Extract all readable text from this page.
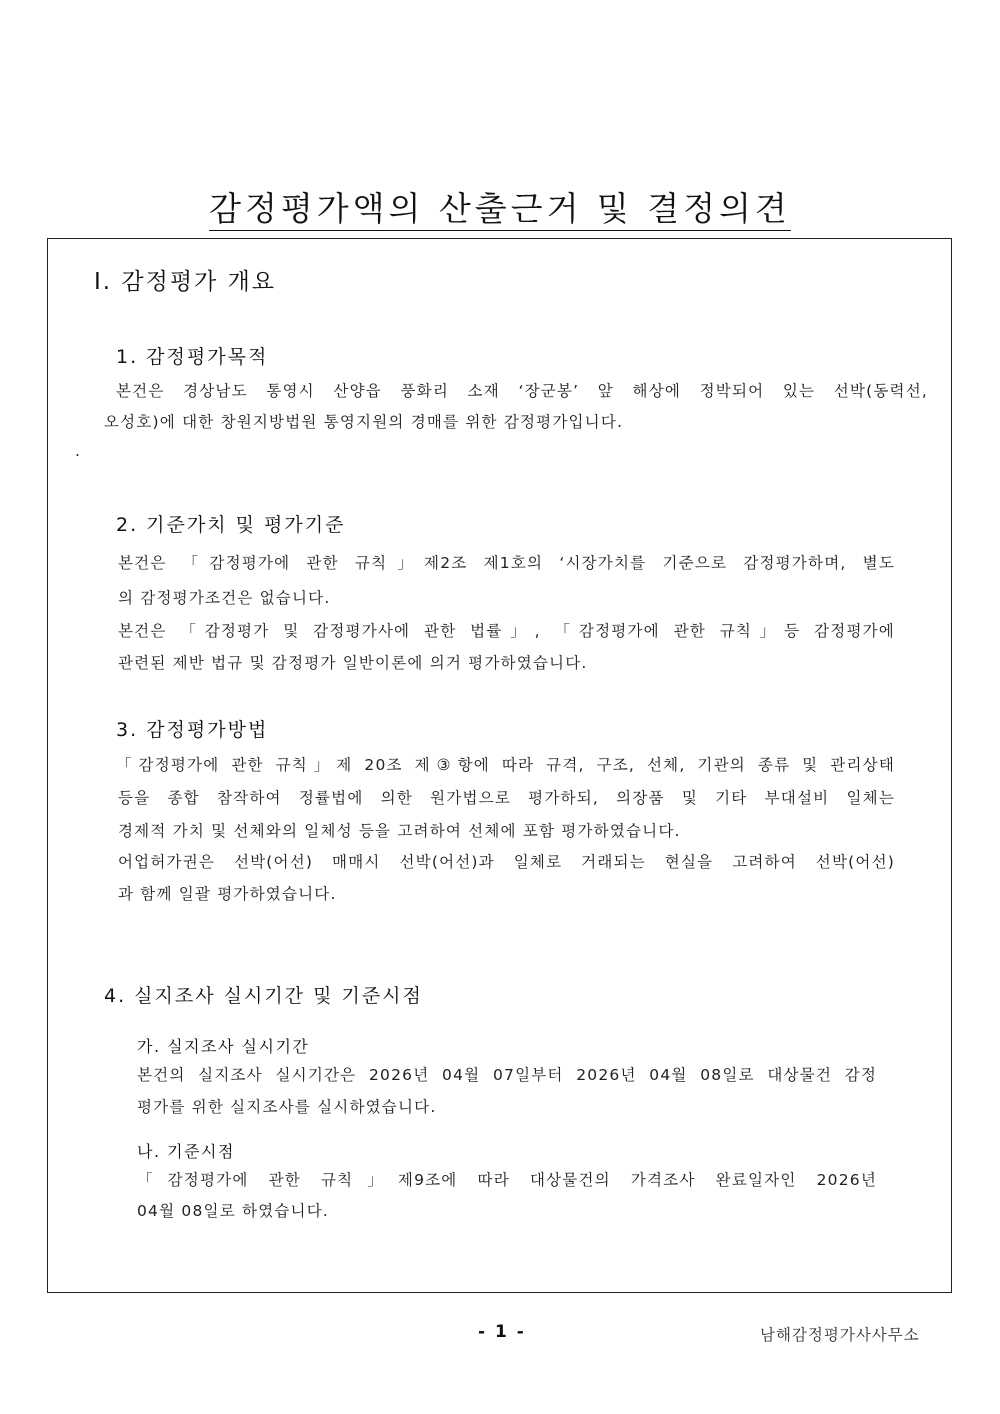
감정평가액의 산출근거 및 결정의견
Ⅰ. 감정평가 개요
1. 감정평가목적
본건은 경상남도 통영시 산양읍 풍화리 소재 ‘장군봉’ 앞 해상에 정박되어 있는 선박(동력선,
오성호)에 대한 창원지방법원 통영지원의 경매를 위한 감정평가입니다.
.
2. 기준가치 및 평가기준
본건은 「감정평가에 관한 규칙」제2조 제1호의 ‘시장가치를 기준으로 감정평가하며, 별도
의 감정평가조건은 없습니다.
본건은 「감정평가 및 감정평가사에 관한 법률」, 「감정평가에 관한 규칙」등 감정평가에
관련된 제반 법규 및 감정평가 일반이론에 의거 평가하였습니다.
3. 감정평가방법
「감정평가에 관한 규칙」제 20조 제③항에 따라 규격, 구조, 선체, 기관의 종류 및 관리상태
등을 종합 참작하여 정률법에 의한 원가법으로 평가하되, 의장품 및 기타 부대설비 일체는
경제적 가치 및 선체와의 일체성 등을 고려하여 선체에 포함 평가하였습니다.
어업허가권은 선박(어선) 매매시 선박(어선)과 일체로 거래되는 현실을 고려하여 선박(어선)
과 함께 일괄 평가하였습니다.
4. 실지조사 실시기간 및 기준시점
가. 실지조사 실시기간
본건의 실지조사 실시기간은 2026년 04월 07일부터 2026년 04월 08일로 대상물건 감정
평가를 위한 실지조사를 실시하였습니다.
나. 기준시점
「감정평가에 관한 규칙」제9조에 따라 대상물건의 가격조사 완료일자인 2026년
04월 08일로 하였습니다.
- 1 -	남해감정평가사사무소
